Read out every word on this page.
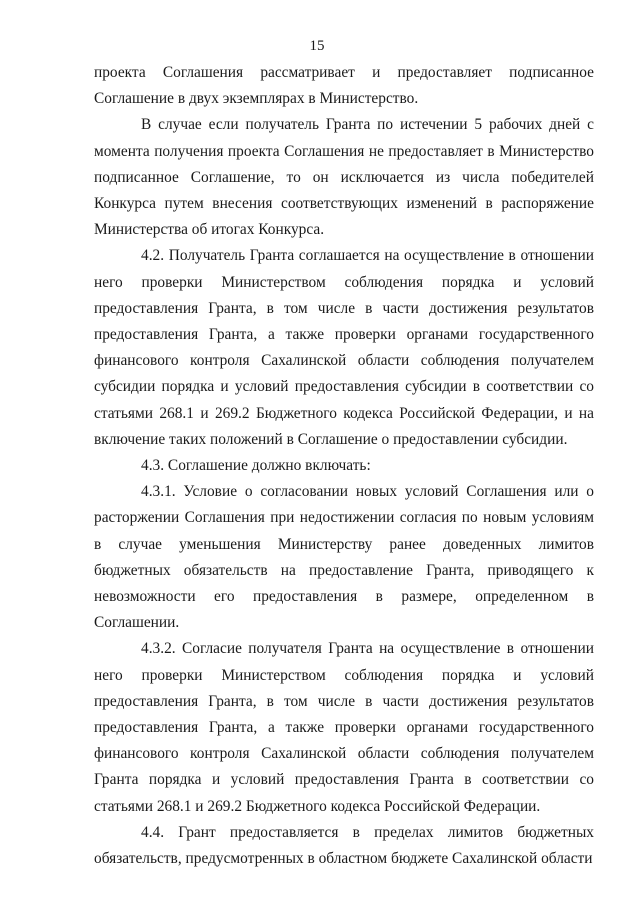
15

проекта Соглашения рассматривает и предоставляет подписанное Соглашение в двух экземплярах в Министерство.

В случае если получатель Гранта по истечении 5 рабочих дней с момента получения проекта Соглашения не предоставляет в Министерство подписанное Соглашение, то он исключается из числа победителей Конкурса путем внесения соответствующих изменений в распоряжение Министерства об итогах Конкурса.

4.2. Получатель Гранта соглашается на осуществление в отношении него проверки Министерством соблюдения порядка и условий предоставления Гранта, в том числе в части достижения результатов предоставления Гранта, а также проверки органами государственного финансового контроля Сахалинской области соблюдения получателем субсидии порядка и условий предоставления субсидии в соответствии со статьями 268.1 и 269.2 Бюджетного кодекса Российской Федерации, и на включение таких положений в Соглашение о предоставлении субсидии.

4.3. Соглашение должно включать:

4.3.1. Условие о согласовании новых условий Соглашения или о расторжении Соглашения при недостижении согласия по новым условиям в случае уменьшения Министерству ранее доведенных лимитов бюджетных обязательств на предоставление Гранта, приводящего к невозможности его предоставления в размере, определенном в Соглашении.

4.3.2. Согласие получателя Гранта на осуществление в отношении него проверки Министерством соблюдения порядка и условий предоставления Гранта, в том числе в части достижения результатов предоставления Гранта, а также проверки органами государственного финансового контроля Сахалинской области соблюдения получателем Гранта порядка и условий предоставления Гранта в соответствии со статьями 268.1 и 269.2 Бюджетного кодекса Российской Федерации.

4.4. Грант предоставляется в пределах лимитов бюджетных обязательств, предусмотренных в областном бюджете Сахалинской области
